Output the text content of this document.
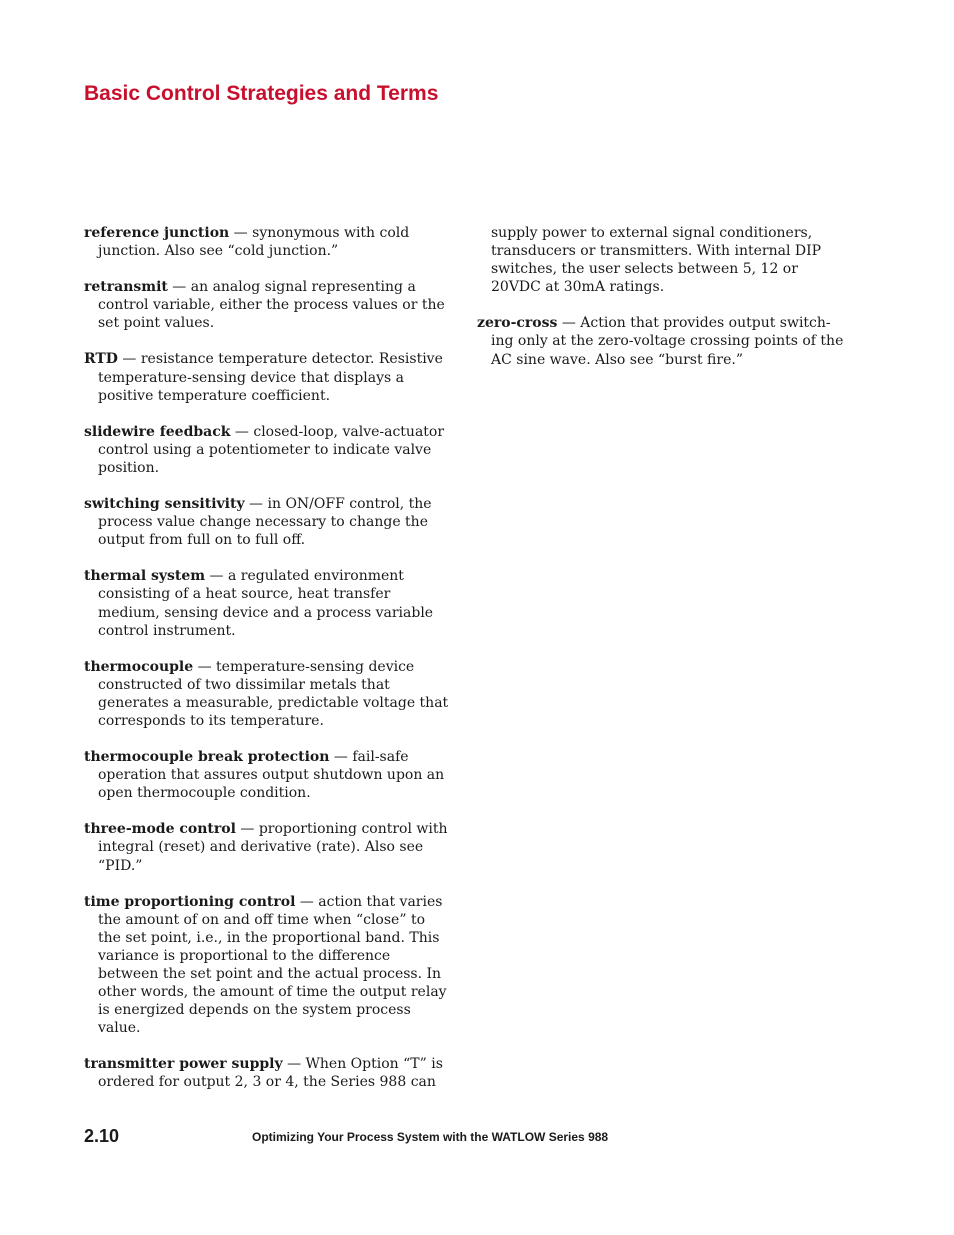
Basic Control Strategies and Terms

reference junction — synonymous with cold junction. Also see “cold junction.”

retransmit — an analog signal representing a control variable, either the process values or the set point values.

RTD — resistance temperature detector. Resistive temperature-sensing device that displays a positive temperature coefficient.

slidewire feedback — closed-loop, valve-actuator control using a potentiometer to indicate valve position.

switching sensitivity — in ON/OFF control, the process value change necessary to change the output from full on to full off.

thermal system — a regulated environment consisting of a heat source, heat transfer medium, sensing device and a process variable control instrument.

thermocouple — temperature-sensing device constructed of two dissimilar metals that generates a measurable, predictable voltage that corresponds to its temperature.

thermocouple break protection — fail-safe operation that assures output shutdown upon an open thermocouple condition.

three-mode control — proportioning control with integral (reset) and derivative (rate). Also see “PID.”

time proportioning control — action that varies the amount of on and off time when “close” to the set point, i.e., in the proportional band. This variance is proportional to the difference between the set point and the actual process. In other words, the amount of time the output relay is energized depends on the system process value.

transmitter power supply — When Option “T” is ordered for output 2, 3 or 4, the Series 988 can

supply power to external signal conditioners, transducers or transmitters. With internal DIP switches, the user selects between 5, 12 or 20VDC at 30mA ratings.

zero-cross — Action that provides output switch-ing only at the zero-voltage crossing points of the AC sine wave. Also see “burst fire.”

2.10	Optimizing Your Process System with the WATLOW Series 988
